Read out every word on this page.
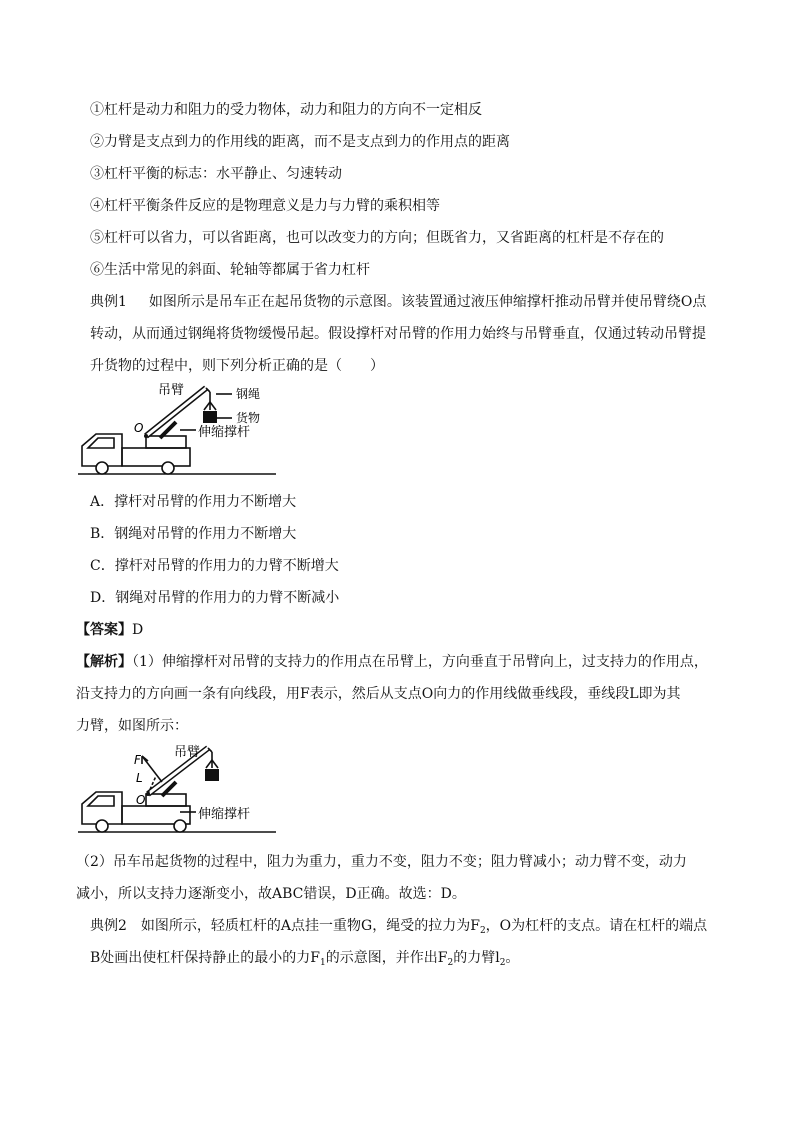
①杠杆是动力和阻力的受力物体，动力和阻力的方向不一定相反
②力臂是支点到力的作用线的距离，而不是支点到力的作用点的距离
③杠杆平衡的标志：水平静止、匀速转动
④杠杆平衡条件反应的是物理意义是力与力臂的乘积相等
⑤杠杆可以省力，可以省距离，也可以改变力的方向；但既省力，又省距离的杠杆是不存在的
⑥生活中常见的斜面、轮轴等都属于省力杠杆
典例1 如图所示是吊车正在起吊货物的示意图。该装置通过液压伸缩撑杆推动吊臂并使吊臂绕O点
转动，从而通过钢绳将货物缓慢吊起。假设撑杆对吊臂的作用力始终与吊臂垂直，仅通过转动吊臂提
升货物的过程中，则下列分析正确的是（　　）
吊臂	钢绳
货物
O	伸缩撑杆
A．撑杆对吊臂的作用力不断增大
B．钢绳对吊臂的作用力不断增大
C．撑杆对吊臂的作用力的力臂不断增大
D．钢绳对吊臂的作用力的力臂不断减小
【答案】D
【解析】（1）伸缩撑杆对吊臂的支持力的作用点在吊臂上，方向垂直于吊臂向上，过支持力的作用点，
沿支持力的方向画一条有向线段，用F表示，然后从支点O向力的作用线做垂线段，垂线段L即为其
力臂，如图所示：
吊臂
F
L
O
伸缩撑杆
（2）吊车吊起货物的过程中，阻力为重力，重力不变，阻力不变；阻力臂减小；动力臂不变，动力
减小，所以支持力逐渐变小，故ABC错误，D正确。故选：D。
典例2 如图所示，轻质杠杆的A点挂一重物G，绳受的拉力为$F_2$，O为杠杆的支点。请在杠杆的端点
B处画出使杠杆保持静止的最小的力$F_1$的示意图，并作出$F_2$的力臂$l_2$。
